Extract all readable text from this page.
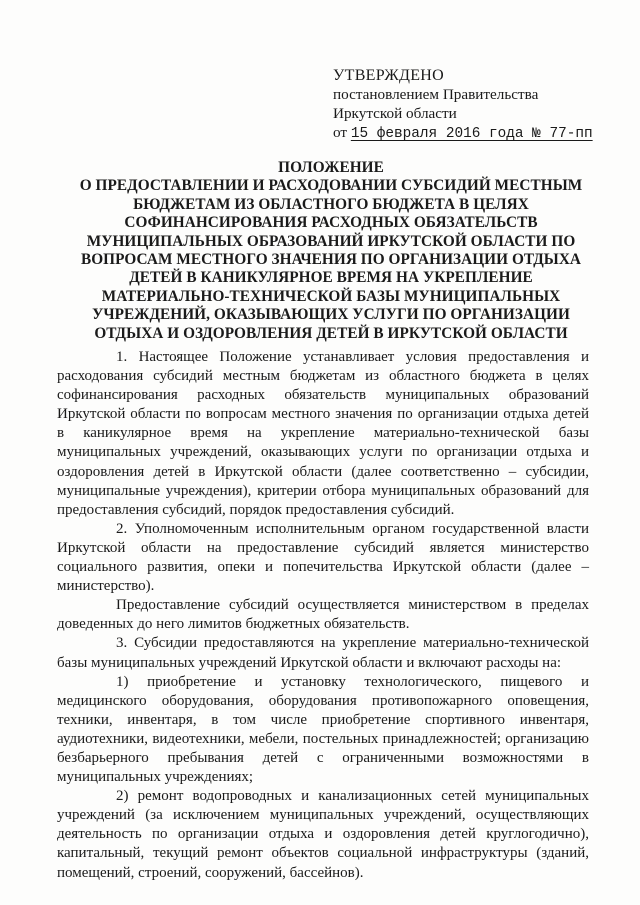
УТВЕРЖДЕНО
постановлением Правительства
Иркутской области
от 15 февраля 2016 года № 77-пп
ПОЛОЖЕНИЕ
О ПРЕДОСТАВЛЕНИИ И РАСХОДОВАНИИ СУБСИДИЙ МЕСТНЫМ
БЮДЖЕТАМ ИЗ ОБЛАСТНОГО БЮДЖЕТА В ЦЕЛЯХ
СОФИНАНСИРОВАНИЯ РАСХОДНЫХ ОБЯЗАТЕЛЬСТВ
МУНИЦИПАЛЬНЫХ ОБРАЗОВАНИЙ ИРКУТСКОЙ ОБЛАСТИ ПО
ВОПРОСАМ МЕСТНОГО ЗНАЧЕНИЯ ПО ОРГАНИЗАЦИИ ОТДЫХА
ДЕТЕЙ В КАНИКУЛЯРНОЕ ВРЕМЯ НА УКРЕПЛЕНИЕ
МАТЕРИАЛЬНО-ТЕХНИЧЕСКОЙ БАЗЫ МУНИЦИПАЛЬНЫХ
УЧРЕЖДЕНИЙ, ОКАЗЫВАЮЩИХ УСЛУГИ ПО ОРГАНИЗАЦИИ
ОТДЫХА И ОЗДОРОВЛЕНИЯ ДЕТЕЙ В ИРКУТСКОЙ ОБЛАСТИ

1. Настоящее Положение устанавливает условия предоставления и расходования субсидий местным бюджетам из областного бюджета в целях софинансирования расходных обязательств муниципальных образований Иркутской области по вопросам местного значения по организации отдыха детей в каникулярное время на укрепление материально-технической базы муниципальных учреждений, оказывающих услуги по организации отдыха и оздоровления детей в Иркутской области (далее соответственно – субсидии, муниципальные учреждения), критерии отбора муниципальных образований для предоставления субсидий, порядок предоставления субсидий.

2. Уполномоченным исполнительным органом государственной власти Иркутской области на предоставление субсидий является министерство социального развития, опеки и попечительства Иркутской области (далее – министерство).

Предоставление субсидий осуществляется министерством в пределах доведенных до него лимитов бюджетных обязательств.

3. Субсидии предоставляются на укрепление материально-технической базы муниципальных учреждений Иркутской области и включают расходы на:

1) приобретение и установку технологического, пищевого и медицинского оборудования, оборудования противопожарного оповещения, техники, инвентаря, в том числе приобретение спортивного инвентаря, аудиотехники, видеотехники, мебели, постельных принадлежностей; организацию безбарьерного пребывания детей с ограниченными возможностями в муниципальных учреждениях;

2) ремонт водопроводных и канализационных сетей муниципальных учреждений (за исключением муниципальных учреждений, осуществляющих деятельность по организации отдыха и оздоровления детей круглогодично), капитальный, текущий ремонт объектов социальной инфраструктуры (зданий, помещений, строений, сооружений, бассейнов).
